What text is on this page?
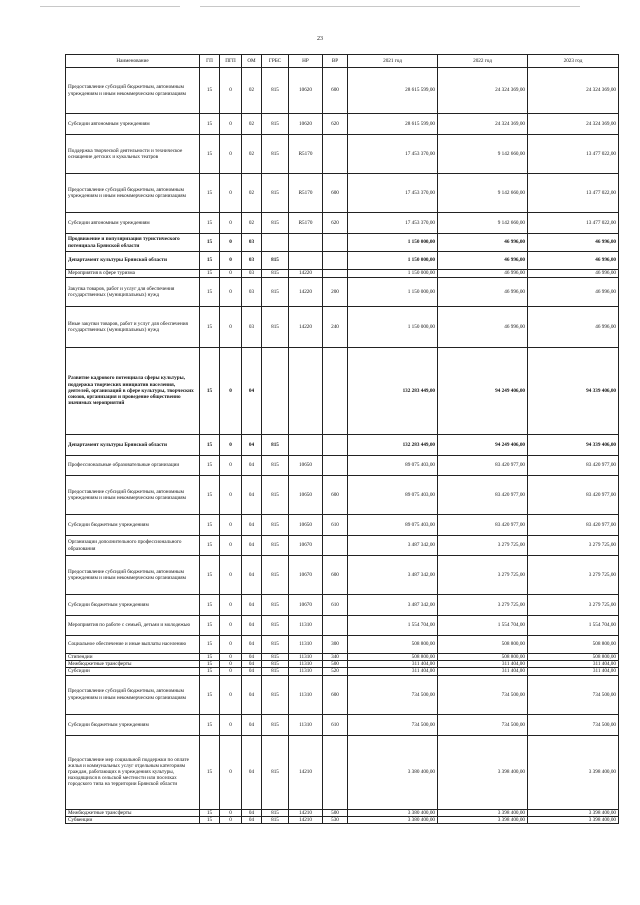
23
Наименование	ГП	ПГП	ОМ	ГРБС	НР	ВР	2021 год	2022 год	2023 год
Предоставление субсидий бюджетным, автономным учреждениям и иным некоммерческим организациям	15	0	02	815	10620	600	28 615 599,00	24 324 369,00	24 324 369,00
Субсидии автономным учреждениям	15	0	02	815	10620	620	28 615 599,00	24 324 369,00	24 324 369,00
Поддержка творческой деятельности и техническое оснащение детских и кукольных театров	15	0	02	815	R5170		17 453 370,00	9 142 660,00	13 477 022,00
Предоставление субсидий бюджетным, автономным учреждениям и иным некоммерческим организациям	15	0	02	815	R5170	600	17 453 370,00	9 142 660,00	13 477 022,00
Субсидии автономным учреждениям	15	0	02	815	R5170	620	17 453 370,00	9 142 660,00	13 477 022,00
Продвижение и популяризация туристического потенциала Брянской области	15	0	03				1 150 000,00	46 996,00	46 996,00
Департамент культуры Брянской области	15	0	03	815			1 150 000,00	46 996,00	46 996,00
Мероприятия в сфере туризма	15	0	03	815	14220		1 150 000,00	46 996,00	46 996,00
Закупка товаров, работ и услуг для обеспечения государственных (муниципальных) нужд	15	0	03	815	14220	200	1 150 000,00	46 996,00	46 996,00
Иные закупки товаров, работ и услуг для обеспечения государственных (муниципальных) нужд	15	0	03	815	14220	240	1 150 000,00	46 996,00	46 996,00
Развитие кадрового потенциала сферы культуры, поддержка творческих инициатив населения, деятелей, организаций в сфере культуры, творческих союзов, организация и проведение общественно значимых мероприятий	15	0	04				132 283 449,00	94 249 406,00	94 339 406,00
Департамент культуры Брянской области	15	0	04	815			132 283 449,00	94 249 406,00	94 339 406,00
Профессиональные образовательные организации	15	0	04	815	10650		89 075 403,00	83 420 977,00	83 420 977,00
Предоставление субсидий бюджетным, автономным учреждениям и иным некоммерческим организациям	15	0	04	815	10650	600	89 075 403,00	83 420 977,00	83 420 977,00
Субсидии бюджетным учреждениям	15	0	04	815	10650	610	89 075 403,00	83 420 977,00	83 420 977,00
Организации дополнительного профессионального образования	15	0	04	815	10670		3 487 342,00	3 279 725,00	3 279 725,00
Предоставление субсидий бюджетным, автономным учреждениям и иным некоммерческим организациям	15	0	04	815	10670	600	3 487 342,00	3 279 725,00	3 279 725,00
Субсидии бюджетным учреждениям	15	0	04	815	10670	610	3 487 342,00	3 279 725,00	3 279 725,00
Мероприятия по работе с семьей, детьми и молодежью	15	0	04	815	11310		1 554 704,00	1 554 704,00	1 554 704,00
Социальное обеспечение и иные выплаты населению	15	0	04	815	11310	300	508 800,00	508 800,00	508 800,00
Стипендии	15	0	04	815	11310	340	508 800,00	508 800,00	508 800,00
Межбюджетные трансферты	15	0	04	815	11310	500	311 404,00	311 404,00	311 404,00
Субсидии	15	0	04	815	11310	520	311 404,00	311 404,00	311 404,00
Предоставление субсидий бюджетным, автономным учреждениям и иным некоммерческим организациям	15	0	04	815	11310	600	734 500,00	734 500,00	734 500,00
Субсидии бюджетным учреждениям	15	0	04	815	11310	610	734 500,00	734 500,00	734 500,00
Предоставление мер социальной поддержки по оплате жилья и коммунальных услуг отдельным категориям граждан, работающих в учреждениях культуры, находящихся в сельской местности или поселках городского типа на территории Брянской области	15	0	04	815	14210		3 380 400,00	3 398 400,00	3 398 400,00
Межбюджетные трансферты	15	0	04	815	14210	500	3 380 400,00	3 398 400,00	3 398 400,00
Субвенции	15	0	04	815	14210	530	3 380 400,00	3 398 400,00	3 398 400,00
